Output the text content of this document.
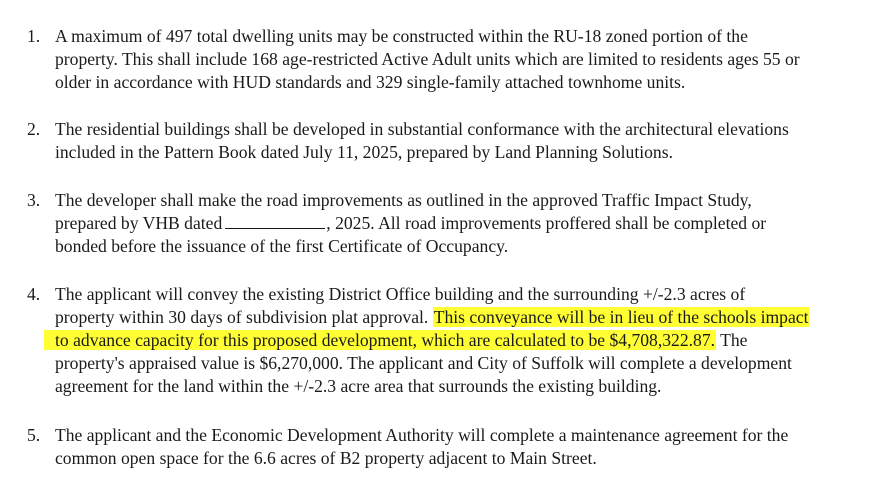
1. A maximum of 497 total dwelling units may be constructed within the RU-18 zoned portion of the
property. This shall include 168 age-restricted Active Adult units which are limited to residents ages 55 or
older in accordance with HUD standards and 329 single-family attached townhome units.
2. The residential buildings shall be developed in substantial conformance with the architectural elevations
included in the Pattern Book dated July 11, 2025, prepared by Land Planning Solutions.
3. The developer shall make the road improvements as outlined in the approved Traffic Impact Study,
prepared by VHB dated	, 2025. All road improvements proffered shall be completed or
bonded before the issuance of the first Certificate of Occupancy.
4. The applicant will convey the existing District Office building and the surrounding +/-2.3 acres of
property within 30 days of subdivision plat approval. This conveyance will be in lieu of the schools impact
to advance capacity for this proposed development, which are calculated to be $4,708,322.87. The
property's appraised value is $6,270,000. The applicant and City of Suffolk will complete a development
agreement for the land within the +/-2.3 acre area that surrounds the existing building.
5. The applicant and the Economic Development Authority will complete a maintenance agreement for the
common open space for the 6.6 acres of B2 property adjacent to Main Street.
